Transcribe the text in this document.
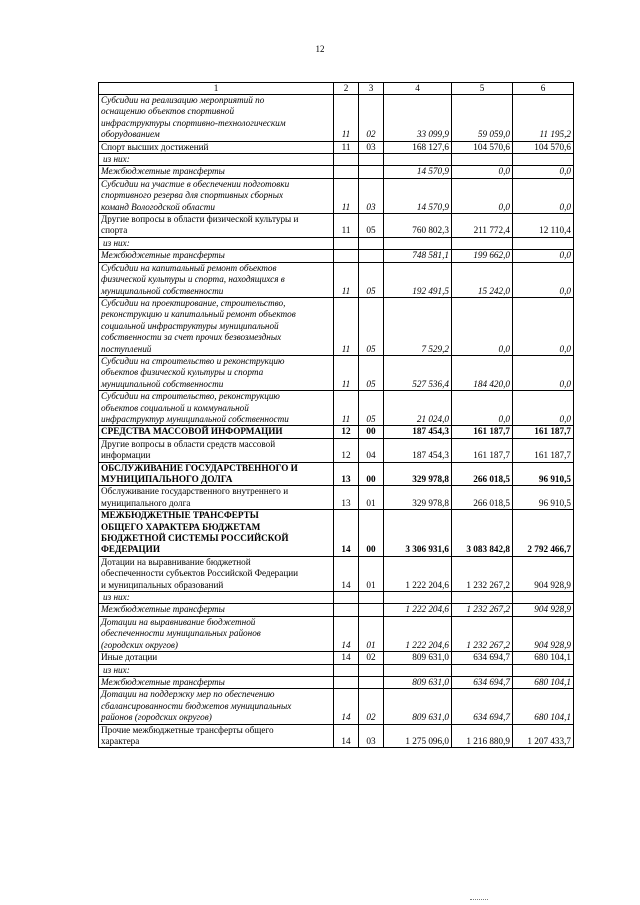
12
1	2	3	4	5	6
Субсидии на реализацию мероприятий по
оснащению объектов спортивной
инфраструктуры спортивно-технологическим
оборудованием	11	02	33 099,9	59 059,0	11 195,2
Спорт высших достижений	11	03	168 127,6	104 570,6	104 570,6
из них:					
Межбюджетные трансферты			14 570,9	0,0	0,0
Субсидии на участие в обеспечении подготовки
спортивного резерва для спортивных сборных
команд Вологодской области	11	03	14 570,9	0,0	0,0
Другие вопросы в области физической культуры и
спорта	11	05	760 802,3	211 772,4	12 110,4
из них:					
Межбюджетные трансферты			748 581,1	199 662,0	0,0
Субсидии на капитальный ремонт объектов
физической культуры и спорта, находящихся в
муниципальной собственности	11	05	192 491,5	15 242,0	0,0
Субсидии на проектирование, строительство,
реконструкцию и капитальный ремонт объектов
социальной инфраструктуры муниципальной
собственности за счет прочих безвозмездных
поступлений	11	05	7 529,2	0,0	0,0
Субсидии на строительство и реконструкцию
объектов физической культуры и спорта
муниципальной собственности	11	05	527 536,4	184 420,0	0,0
Субсидии на строительство, реконструкцию
объектов социальной и коммунальной
инфраструктур муниципальной собственности	11	05	21 024,0	0,0	0,0
СРЕДСТВА МАССОВОЙ ИНФОРМАЦИИ	12	00	187 454,3	161 187,7	161 187,7
Другие вопросы в области средств массовой
информации	12	04	187 454,3	161 187,7	161 187,7
ОБСЛУЖИВАНИЕ ГОСУДАРСТВЕННОГО И
МУНИЦИПАЛЬНОГО ДОЛГА	13	00	329 978,8	266 018,5	96 910,5
Обслуживание государственного внутреннего и
муниципального долга	13	01	329 978,8	266 018,5	96 910,5
МЕЖБЮДЖЕТНЫЕ ТРАНСФЕРТЫ
ОБЩЕГО ХАРАКТЕРА БЮДЖЕТАМ
БЮДЖЕТНОЙ СИСТЕМЫ РОССИЙСКОЙ
ФЕДЕРАЦИИ	14	00	3 306 931,6	3 083 842,8	2 792 466,7
Дотации на выравнивание бюджетной
обеспеченности субъектов Российской Федерации
и муниципальных образований	14	01	1 222 204,6	1 232 267,2	904 928,9
из них:					
Межбюджетные трансферты			1 222 204,6	1 232 267,2	904 928,9
Дотации на выравнивание бюджетной
обеспеченности муниципальных районов
(городских округов)	14	01	1 222 204,6	1 232 267,2	904 928,9
Иные дотации	14	02	809 631,0	634 694,7	680 104,1
из них:					
Межбюджетные трансферты			809 631,0	634 694,7	680 104,1
Дотации на поддержку мер по обеспечению
сбалансированности бюджетов муниципальных
районов (городских округов)	14	02	809 631,0	634 694,7	680 104,1
Прочие межбюджетные трансферты общего
характера	14	03	1 275 096,0	1 216 880,9	1 207 433,7
